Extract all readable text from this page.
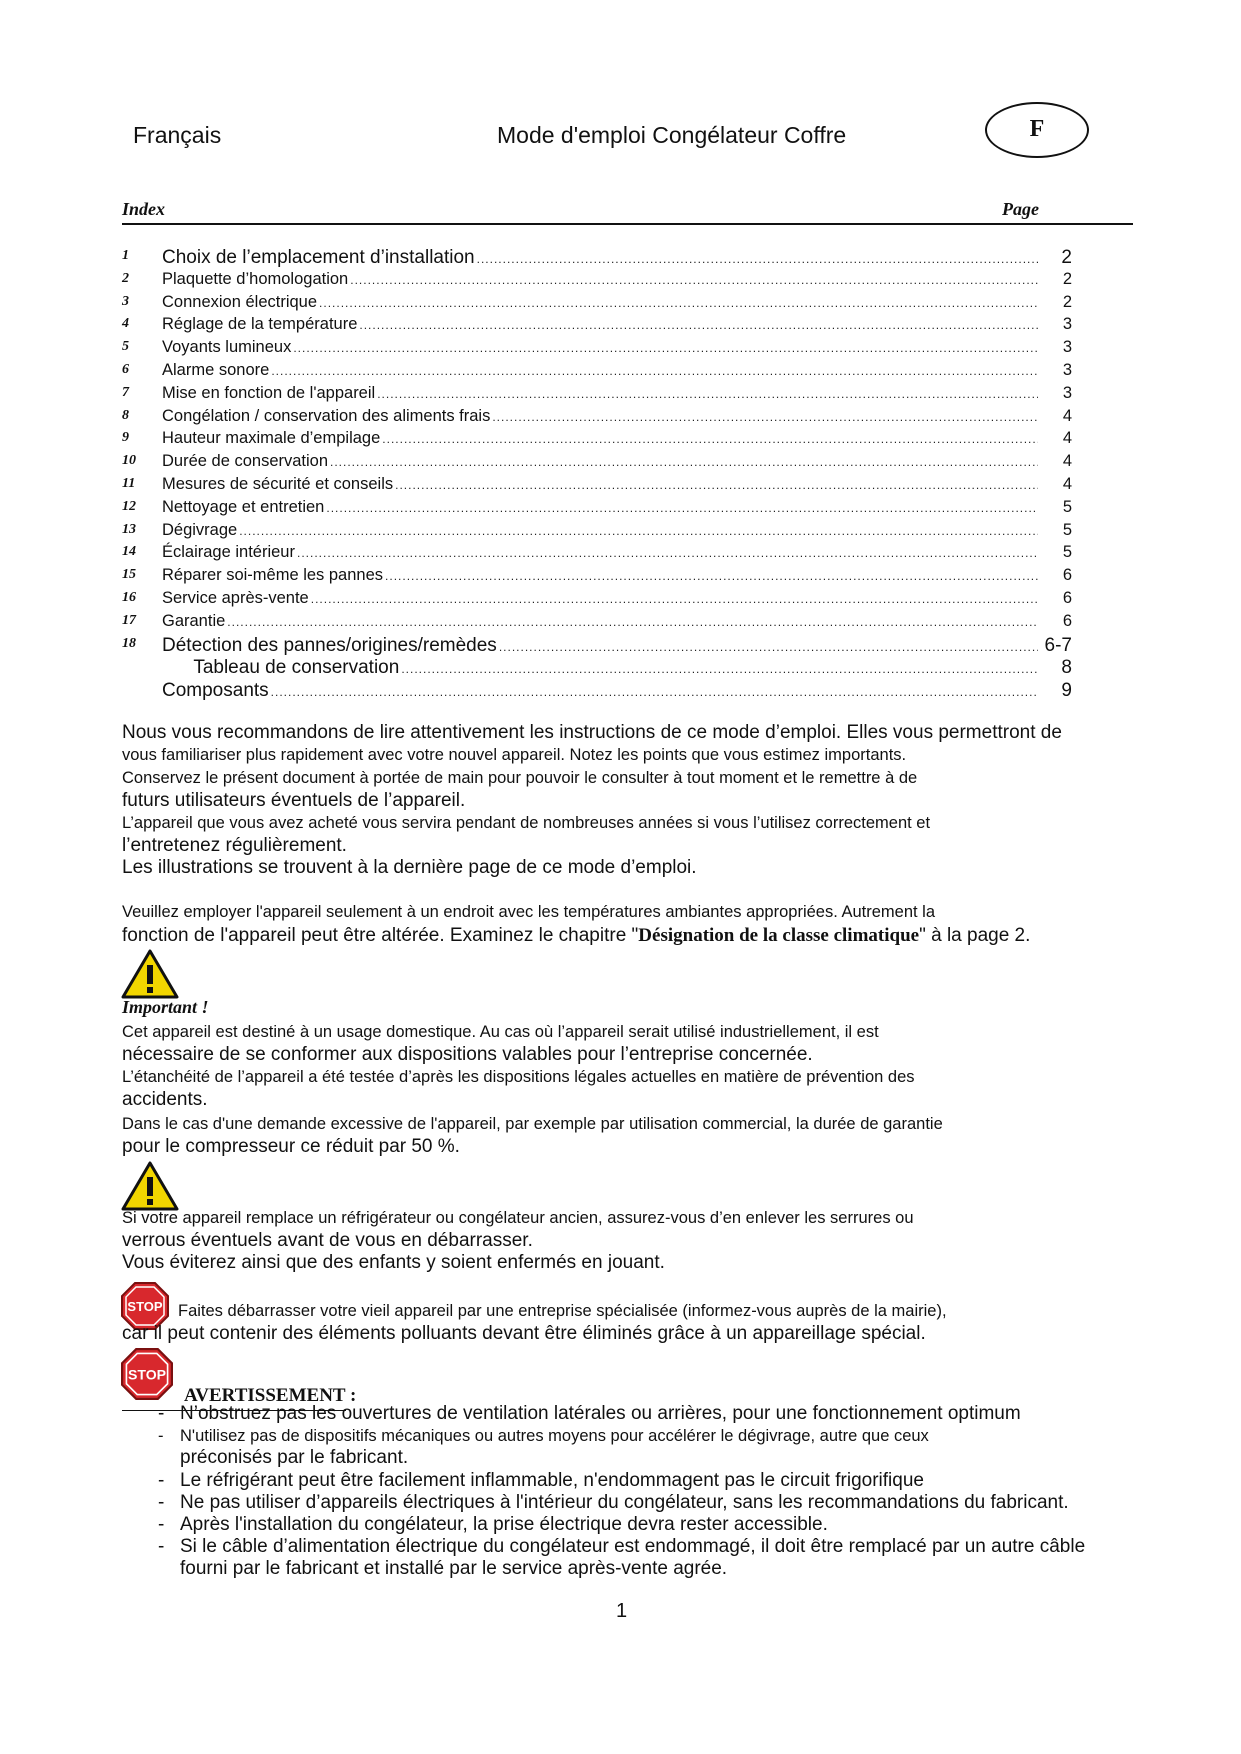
Français	Mode d'emploi Congélateur Coffre	F
Index	Page
1	Choix de l’emplacement d’installation .....	2
2	Plaquette d’homologation .....	2
3	Connexion électrique .....	2
4	Réglage de la température .....	3
5	Voyants lumineux .....	3
6	Alarme sonore .....	3
7	Mise en fonction de l'appareil .....	3
8	Congélation / conservation des aliments frais .....	4
9	Hauteur maximale d’empilage .....	4
10	Durée de conservation .....	4
11	Mesures de sécurité et conseils .....	4
12	Nettoyage et entretien .....	5
13	Dégivrage .....	5
14	Éclairage intérieur .....	5
15	Réparer soi-même les pannes .....	6
16	Service après-vente .....	6
17	Garantie .....	6
18	Détection des pannes/origines/remèdes .....	6-7
Tableau de conservation .....	8
Composants .....	9
Nous vous recommandons de lire attentivement les instructions de ce mode d’emploi. Elles vous permettront de
vous familiariser plus rapidement avec votre nouvel appareil. Notez les points que vous estimez importants.
Conservez le présent document à portée de main pour pouvoir le consulter à tout moment et le remettre à de
futurs utilisateurs éventuels de l’appareil.
L’appareil que vous avez acheté vous servira pendant de nombreuses années si vous l’utilisez correctement et
l’entretenez régulièrement.
Les illustrations se trouvent à la dernière page de ce mode d’emploi.
Veuillez employer l'appareil seulement à un endroit avec les températures ambiantes appropriées. Autrement la
fonction de l'appareil peut être altérée. Examinez le chapitre "Désignation de la classe climatique" à la page 2.
Important !
Cet appareil est destiné à un usage domestique. Au cas où l’appareil serait utilisé industriellement, il est
nécessaire de se conformer aux dispositions valables pour l’entreprise concernée.
L’étanchéité de l’appareil a été testée d’après les dispositions légales actuelles en matière de prévention des
accidents.
Dans le cas d'une demande excessive de l'appareil, par exemple par utilisation commercial, la durée de garantie
pour le compresseur ce réduit par 50 %.
Si votre appareil remplace un réfrigérateur ou congélateur ancien, assurez-vous d’en enlever les serrures ou
verrous éventuels avant de vous en débarrasser.
Vous éviterez ainsi que des enfants y soient enfermés en jouant.
STOP Faites débarrasser votre vieil appareil par une entreprise spécialisée (informez-vous auprès de la mairie),
car il peut contenir des éléments polluants devant être éliminés grâce à un appareillage spécial.
STOP
AVERTISSEMENT :
- N’obstruez pas les ouvertures de ventilation latérales ou arrières, pour une fonctionnement optimum
- N'utilisez pas de dispositifs mécaniques ou autres moyens pour accélérer le dégivrage, autre que ceux
préconisés par le fabricant.
- Le réfrigérant peut être facilement inflammable, n'endommagent pas le circuit frigorifique
- Ne pas utiliser d’appareils électriques à l'intérieur du congélateur, sans les recommandations du fabricant.
- Après l'installation du congélateur, la prise électrique devra rester accessible.
- Si le câble d’alimentation électrique du congélateur est endommagé, il doit être remplacé par un autre câble
fourni par le fabricant et installé par le service après-vente agrée.
1
